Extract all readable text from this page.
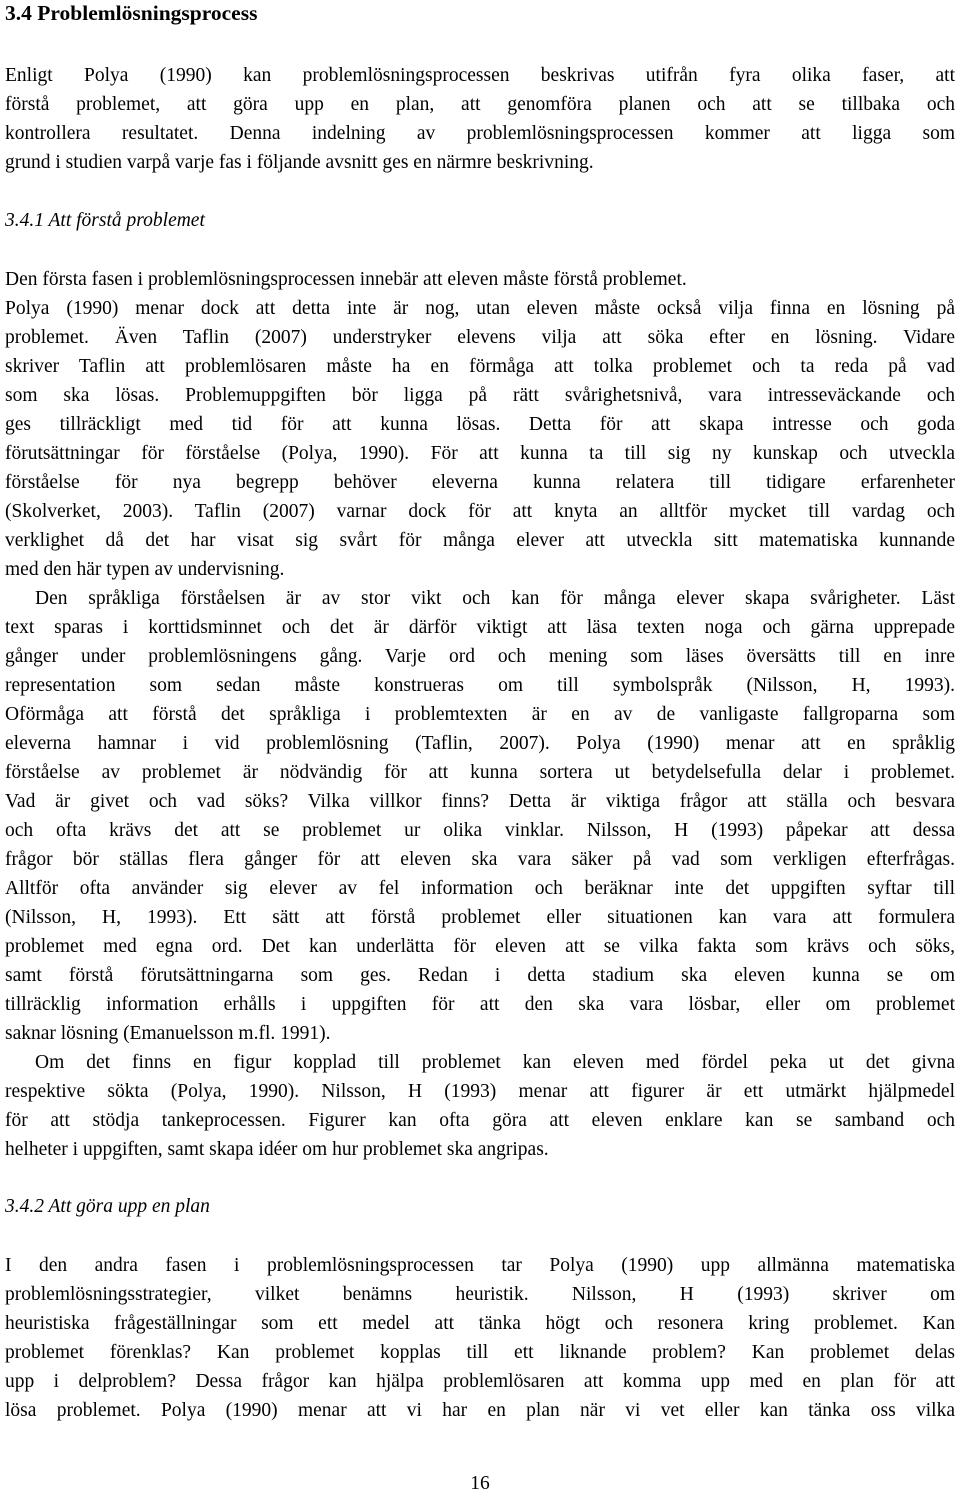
3.4 Problemlösningsprocess
Enligt Polya (1990) kan problemlösningsprocessen beskrivas utifrån fyra olika faser, att
förstå problemet, att göra upp en plan, att genomföra planen och att se tillbaka och
kontrollera resultatet. Denna indelning av problemlösningsprocessen kommer att ligga som
grund i studien varpå varje fas i följande avsnitt ges en närmre beskrivning.
3.4.1 Att förstå problemet
Den första fasen i problemlösningsprocessen innebär att eleven måste förstå problemet.
Polya (1990) menar dock att detta inte är nog, utan eleven måste också vilja finna en lösning på
problemet. Även Taflin (2007) understryker elevens vilja att söka efter en lösning. Vidare
skriver Taflin att problemlösaren måste ha en förmåga att tolka problemet och ta reda på vad
som ska lösas. Problemuppgiften bör ligga på rätt svårighetsnivå, vara intresseväckande och
ges tillräckligt med tid för att kunna lösas. Detta för att skapa intresse och goda
förutsättningar för förståelse (Polya, 1990). För att kunna ta till sig ny kunskap och utveckla
förståelse för nya begrepp behöver eleverna kunna relatera till tidigare erfarenheter
(Skolverket, 2003). Taflin (2007) varnar dock för att knyta an alltför mycket till vardag och
verklighet då det har visat sig svårt för många elever att utveckla sitt matematiska kunnande
med den här typen av undervisning.
Den språkliga förståelsen är av stor vikt och kan för många elever skapa svårigheter. Läst
text sparas i korttidsminnet och det är därför viktigt att läsa texten noga och gärna upprepade
gånger under problemlösningens gång. Varje ord och mening som läses översätts till en inre
representation som sedan måste konstrueras om till symbolspråk (Nilsson, H, 1993).
Oförmåga att förstå det språkliga i problemtexten är en av de vanligaste fallgroparna som
eleverna hamnar i vid problemlösning (Taflin, 2007). Polya (1990) menar att en språklig
förståelse av problemet är nödvändig för att kunna sortera ut betydelsefulla delar i problemet.
Vad är givet och vad söks? Vilka villkor finns? Detta är viktiga frågor att ställa och besvara
och ofta krävs det att se problemet ur olika vinklar. Nilsson, H (1993) påpekar att dessa
frågor bör ställas flera gånger för att eleven ska vara säker på vad som verkligen efterfrågas.
Alltför ofta använder sig elever av fel information och beräknar inte det uppgiften syftar till
(Nilsson, H, 1993). Ett sätt att förstå problemet eller situationen kan vara att formulera
problemet med egna ord. Det kan underlätta för eleven att se vilka fakta som krävs och söks,
samt förstå förutsättningarna som ges. Redan i detta stadium ska eleven kunna se om
tillräcklig information erhålls i uppgiften för att den ska vara lösbar, eller om problemet
saknar lösning (Emanuelsson m.fl. 1991).
Om det finns en figur kopplad till problemet kan eleven med fördel peka ut det givna
respektive sökta (Polya, 1990). Nilsson, H (1993) menar att figurer är ett utmärkt hjälpmedel
för att stödja tankeprocessen. Figurer kan ofta göra att eleven enklare kan se samband och
helheter i uppgiften, samt skapa idéer om hur problemet ska angripas.
3.4.2 Att göra upp en plan
I den andra fasen i problemlösningsprocessen tar Polya (1990) upp allmänna matematiska
problemlösningsstrategier, vilket benämns heuristik. Nilsson, H (1993) skriver om
heuristiska frågeställningar som ett medel att tänka högt och resonera kring problemet. Kan
problemet förenklas? Kan problemet kopplas till ett liknande problem? Kan problemet delas
upp i delproblem? Dessa frågor kan hjälpa problemlösaren att komma upp med en plan för att
lösa problemet. Polya (1990) menar att vi har en plan när vi vet eller kan tänka oss vilka
16
